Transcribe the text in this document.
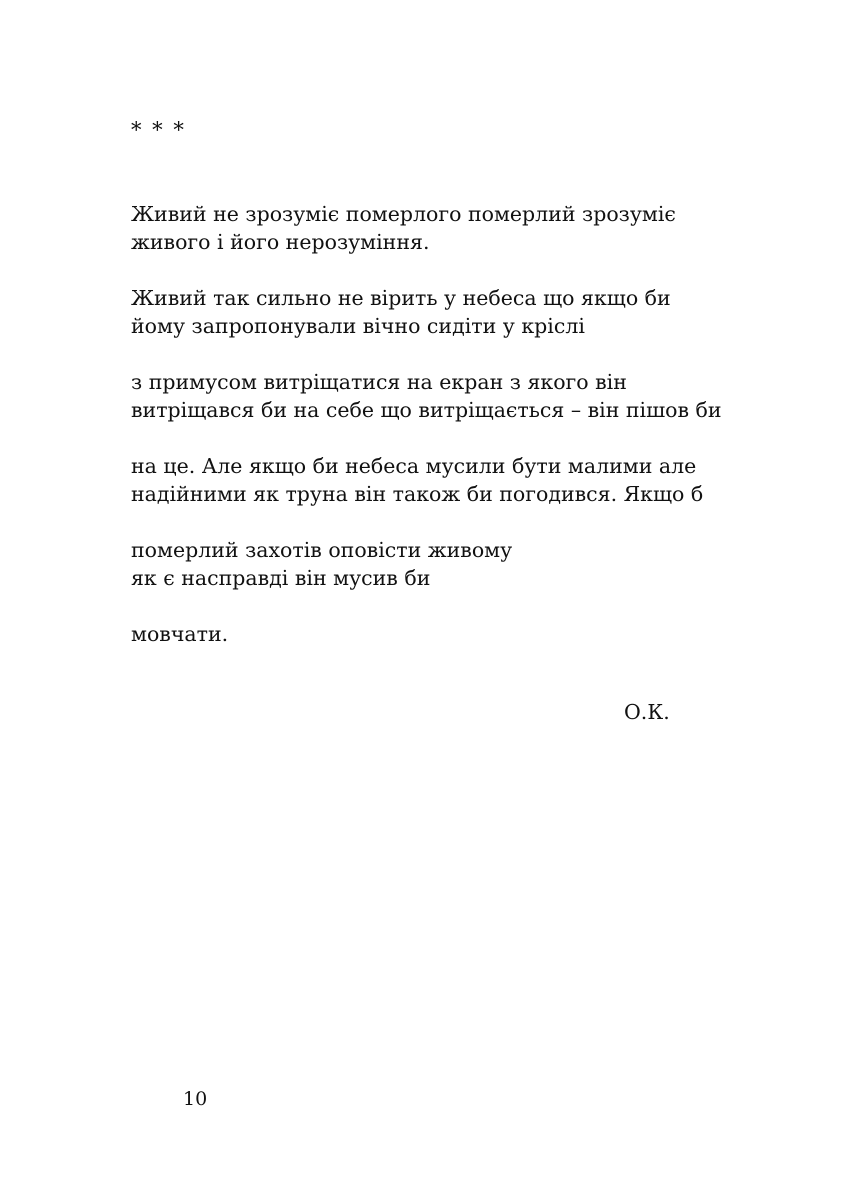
* * *
Живий не зрозуміє померлого померлий зрозуміє
живого і його нерозуміння.
Живий так сильно не вірить у небеса що якщо би
йому запропонували вічно сидіти у кріслі
з примусом витріщатися на екран з якого він
витріщався би на себе що витріщається – він пішов би
на це. Але якщо би небеса мусили бути малими але
надійними як труна він також би погодився. Якщо б
померлий захотів оповісти живому
як є насправді він мусив би
мовчати.
О.К.
10
